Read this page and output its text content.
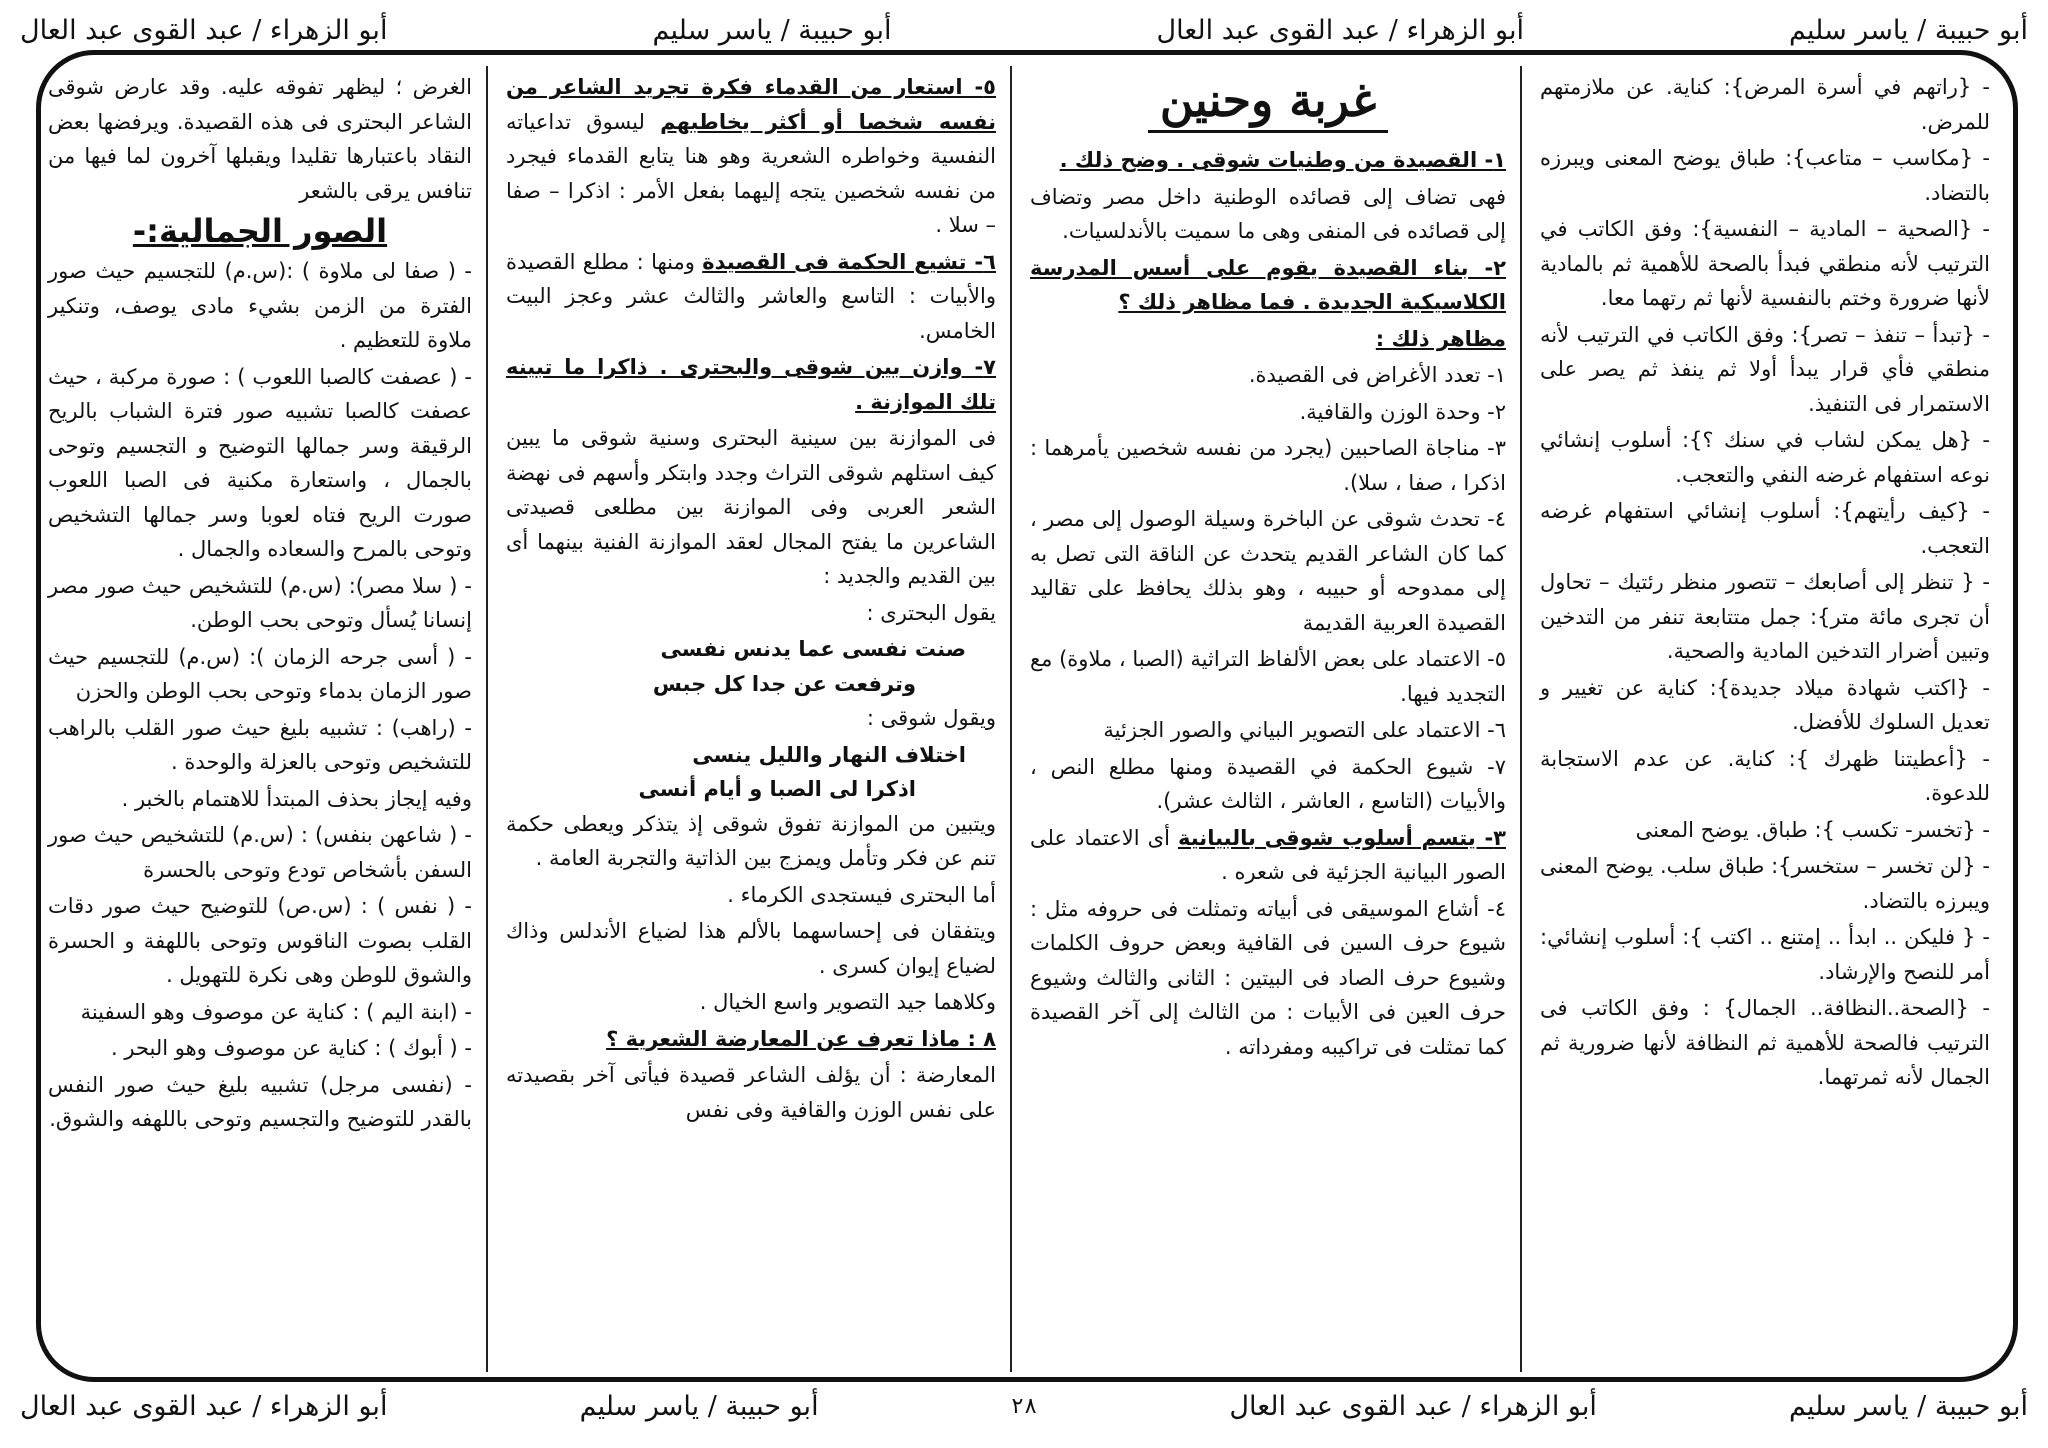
أبو حبيبة / ياسر سليم
أبو الزهراء / عبد القوى عبد العال
أبو حبيبة / ياسر سليم
أبو الزهراء / عبد القوى عبد العال

- {راتهم في أسرة المرض}: كناية. عن ملازمتهم للمرض.

- {مكاسب – متاعب}: طباق يوضح المعنى ويبرزه بالتضاد.

- {الصحية – المادية – النفسية}: وفق الكاتب في الترتيب لأنه منطقي فبدأ بالصحة للأهمية ثم بالمادية لأنها ضرورة وختم بالنفسية لأنها ثم رتهما معا.

- {تبدأ – تنفذ – تصر}: وفق الكاتب في الترتيب لأنه منطقي فأي قرار يبدأ أولا ثم ينفذ ثم يصر على الاستمرار فى التنفيذ.

- {هل يمكن لشاب في سنك ؟}: أسلوب إنشائي نوعه استفهام غرضه النفي والتعجب.

- {كيف رأيتهم}: أسلوب إنشائي استفهام غرضه التعجب.

- { تنظر إلى أصابعك – تتصور منظر رئتيك – تحاول أن تجرى مائة متر}: جمل متتابعة تنفر من التدخين وتبين أضرار التدخين المادية والصحية.

- {اكتب شهادة ميلاد جديدة}: كناية عن تغيير و تعديل السلوك للأفضل.

- {أعطيتنا ظهرك }: كناية. عن عدم الاستجابة للدعوة.

- {تخسر- تكسب }: طباق. يوضح المعنى

- {لن تخسر – ستخسر}: طباق سلب. يوضح المعنى ويبرزه بالتضاد.

- { فليكن .. ابدأ .. إمتنع .. اكتب }: أسلوب إنشائي: أمر للنصح والإرشاد.

- {الصحة..النظافة.. الجمال} : وفق الكاتب فى الترتيب فالصحة للأهمية ثم النظافة لأنها ضرورية ثم الجمال لأنه ثمرتهما.

غربة وحنين

١- القصيدة من وطنيات شوقى . وضح ذلك .

فهى تضاف إلى قصائده الوطنية داخل مصر وتضاف إلى قصائده فى المنفى وهى ما سميت بالأندلسيات.

٢- بناء القصيدة يقوم على أسس المدرسة الكلاسيكية الجديدة . فما مظاهر ذلك ؟

مظاهر ذلك :

١- تعدد الأغراض فى القصيدة.

٢- وحدة الوزن والقافية.

٣- مناجاة الصاحبين (يجرد من نفسه شخصين يأمرهما : اذكرا ، صفا ، سلا).

٤- تحدث شوقى عن الباخرة وسيلة الوصول إلى مصر ، كما كان الشاعر القديم يتحدث عن الناقة التى تصل به إلى ممدوحه أو حبيبه ، وهو بذلك يحافظ على تقاليد القصيدة العربية القديمة

٥- الاعتماد على بعض الألفاظ التراثية (الصبا ، ملاوة) مع التجديد فيها.

٦- الاعتماد على التصوير البياني والصور الجزئية

٧- شيوع الحكمة في القصيدة ومنها مطلع النص ، والأبيات (التاسع ، العاشر ، الثالث عشر).

٣- يتسم أسلوب شوقى بالبيانية أى الاعتماد على الصور البيانية الجزئية فى شعره .

٤- أشاع الموسيقى فى أبياته وتمثلت فى حروفه مثل : شيوع حرف السين فى القافية وبعض حروف الكلمات وشيوع حرف الصاد فى البيتين : الثانى والثالث وشيوع حرف العين فى الأبيات : من الثالث إلى آخر القصيدة كما تمثلت فى تراكيبه ومفرداته .

٥- استعار من القدماء فكرة تجريد الشاعر من نفسه شخصا أو أكثر يخاطبهم ليسوق تداعياته النفسية وخواطره الشعرية وهو هنا يتابع القدماء فيجرد من نفسه شخصين يتجه إليهما بفعل الأمر : اذكرا – صفا – سلا .

٦- تشيع الحكمة فى القصيدة ومنها : مطلع القصيدة والأبيات : التاسع والعاشر والثالث عشر وعجز البيت الخامس.

٧- وازن بين شوقى والبحترى . ذاكرا ما تبينه تلك الموازنة .

فى الموازنة بين سينية البحترى وسنية شوقى ما يبين كيف استلهم شوقى التراث وجدد وابتكر وأسهم فى نهضة الشعر العربى وفى الموازنة بين مطلعى قصيدتى الشاعرين ما يفتح المجال لعقد الموازنة الفنية بينهما أى بين القديم والجديد :

يقول البحترى :

صنت نفسى عما يدنس نفسى

وترفعت عن جدا كل جبس

ويقول شوقى :

اختلاف النهار والليل ينسى

اذكرا لى الصبا و أيام أنسى

ويتبين من الموازنة تفوق شوقى إذ يتذكر ويعطى حكمة تنم عن فكر وتأمل ويمزج بين الذاتية والتجربة العامة .

أما البحترى فيستجدى الكرماء .

ويتفقان فى إحساسهما بالألم هذا لضياع الأندلس وذاك لضياع إيوان كسرى .

وكلاهما جيد التصوير واسع الخيال .

٨ : ماذا تعرف عن المعارضة الشعرية ؟

المعارضة : أن يؤلف الشاعر قصيدة فيأتى آخر بقصيدته على نفس الوزن والقافية وفى نفس

الغرض ؛ ليظهر تفوقه عليه. وقد عارض شوقى الشاعر البحترى فى هذه القصيدة. ويرفضها بعض النقاد باعتبارها تقليدا ويقبلها آخرون لما فيها من تنافس يرقى بالشعر

الصور الجمالية:-

- ( صفا لى ملاوة ) :(س.م) للتجسيم حيث صور الفترة من الزمن بشيء مادى يوصف، وتنكير ملاوة للتعظيم .

- ( عصفت كالصبا اللعوب ) : صورة مركبة ، حيث عصفت كالصبا تشبيه صور فترة الشباب بالريح الرقيقة وسر جمالها التوضيح و التجسيم وتوحى بالجمال ، واستعارة مكنية فى الصبا اللعوب صورت الريح فتاه لعوبا وسر جمالها التشخيص وتوحى بالمرح والسعاده والجمال .

- ( سلا مصر): (س.م) للتشخيص حيث صور مصر إنسانا يُسأل وتوحى بحب الوطن.

- ( أسى جرحه الزمان ): (س.م) للتجسيم حيث صور الزمان بدماء وتوحى بحب الوطن والحزن

- (راهب) : تشبيه بليغ حيث صور القلب بالراهب للتشخيص وتوحى بالعزلة والوحدة .

وفيه إيجاز بحذف المبتدأ للاهتمام بالخبر .

- ( شاعهن بنفس) : (س.م) للتشخيص حيث صور السفن بأشخاص تودع وتوحى بالحسرة

- ( نفس ) : (س.ص) للتوضيح حيث صور دقات القلب بصوت الناقوس وتوحى باللهفة و الحسرة والشوق للوطن وهى نكرة للتهويل .

- (ابنة اليم ) : كناية عن موصوف وهو السفينة

- ( أبوك ) : كناية عن موصوف وهو البحر .

- (نفسى مرجل) تشبيه بليغ حيث صور النفس بالقدر للتوضيح والتجسيم وتوحى باللهفه والشوق.

أبو حبيبة / ياسر سليم
أبو الزهراء / عبد القوى عبد العال
٢٨
أبو حبيبة / ياسر سليم
أبو الزهراء / عبد القوى عبد العال
